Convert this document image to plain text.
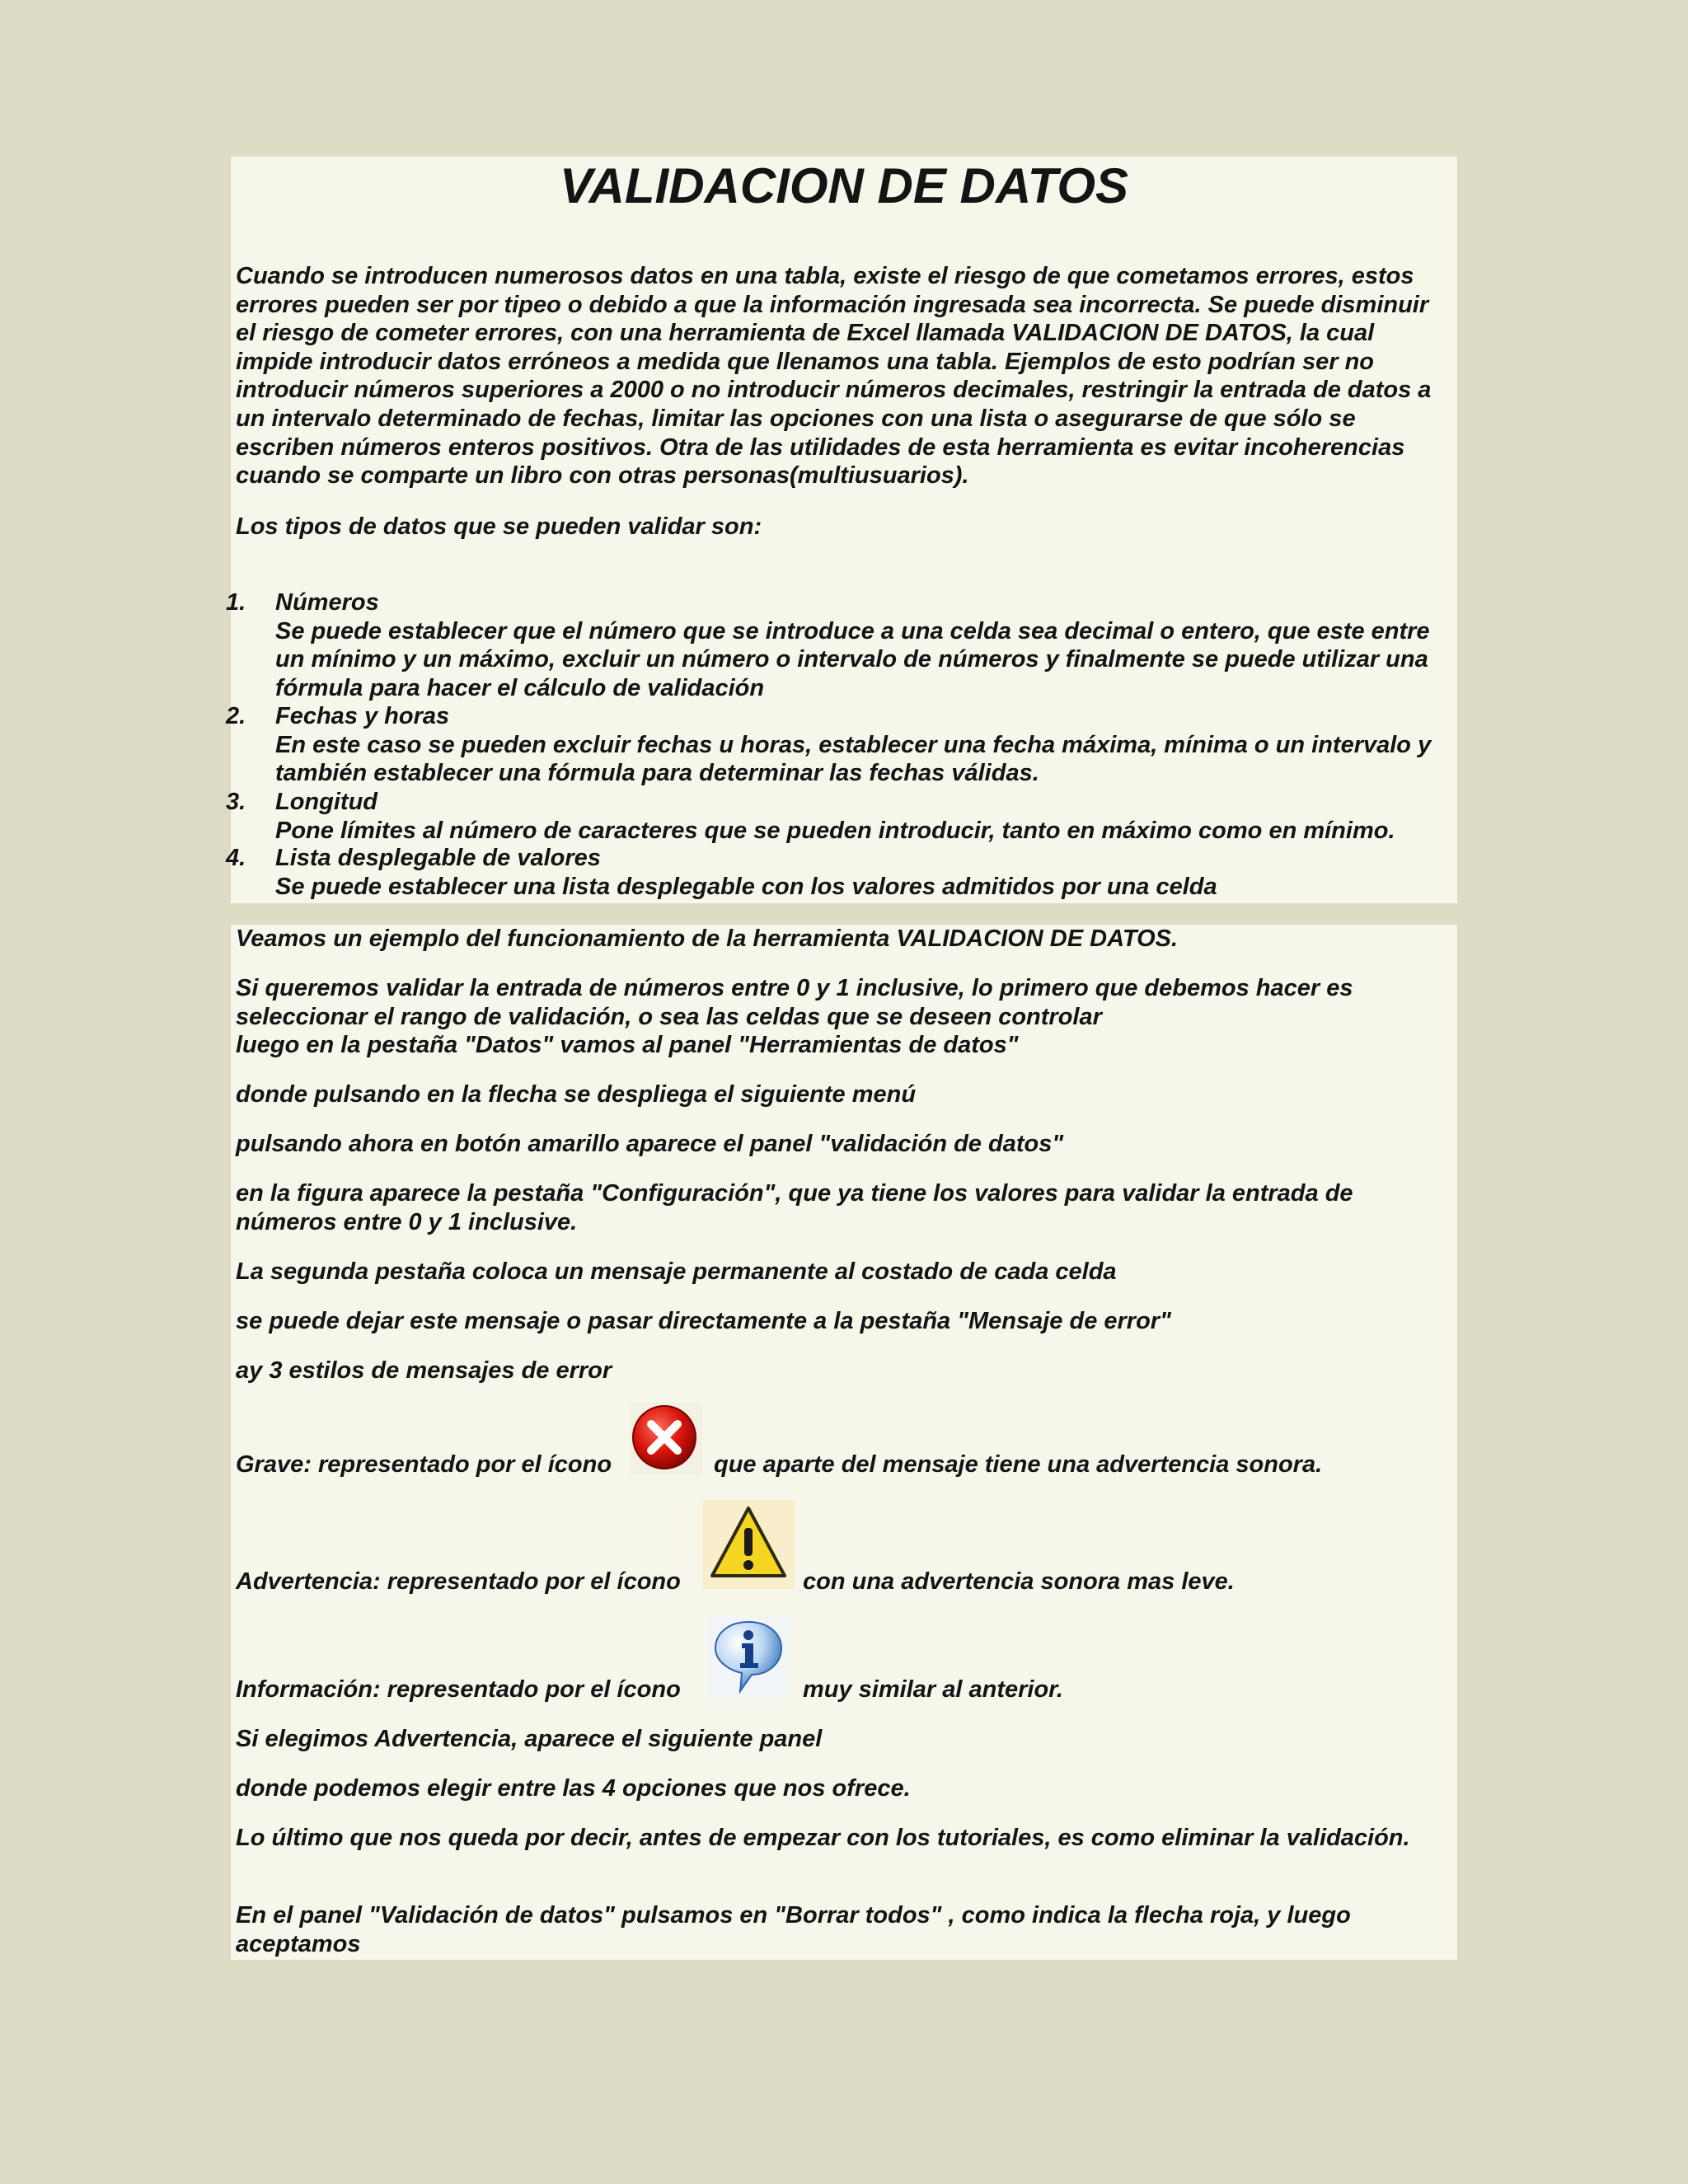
VALIDACION DE DATOS

Cuando se introducen numerosos datos en una tabla, existe el riesgo de que cometamos errores, estos errores pueden ser por tipeo o debido a que la información ingresada sea incorrecta. Se puede disminuir el riesgo de cometer errores, con una herramienta de Excel llamada VALIDACION DE DATOS, la cual impide introducir datos erróneos a medida que llenamos una tabla. Ejemplos de esto podrían ser no introducir números superiores a 2000 o no introducir números decimales, restringir la entrada de datos a un intervalo determinado de fechas, limitar las opciones con una lista o asegurarse de que sólo se escriben números enteros positivos. Otra de las utilidades de esta herramienta es evitar incoherencias cuando se comparte un libro con otras personas(multiusuarios).

Los tipos de datos que se pueden validar son:

1.	Números
Se puede establecer que el número que se introduce a una celda sea decimal o entero, que este entre un mínimo y un máximo, excluir un número o intervalo de números y finalmente se puede utilizar una fórmula para hacer el cálculo de validación
2.	Fechas y horas
En este caso se pueden excluir fechas u horas, establecer una fecha máxima, mínima o un intervalo y también establecer una fórmula para determinar las fechas válidas.
3.	Longitud
Pone límites al número de caracteres que se pueden introducir, tanto en máximo como en mínimo.
4.	Lista desplegable de valores
Se puede establecer una lista desplegable con los valores admitidos por una celda

Veamos un ejemplo del funcionamiento de la herramienta VALIDACION DE DATOS.

Si queremos validar la entrada de números entre 0 y 1 inclusive, lo primero que debemos hacer es seleccionar el rango de validación, o sea las celdas que se deseen controlar

luego en la pestaña "Datos" vamos al panel "Herramientas de datos"

donde pulsando en la flecha se despliega el siguiente menú

pulsando ahora en botón amarillo aparece el panel "validación de datos"

en la figura aparece la pestaña "Configuración", que ya tiene los valores para validar la entrada de números entre 0 y 1 inclusive.

La segunda pestaña coloca un mensaje permanente al costado de cada celda

se puede dejar este mensaje o pasar directamente a la pestaña "Mensaje de error"

ay 3 estilos de mensajes de error

Grave: representado por el ícono	que aparte del mensaje tiene una advertencia sonora.
Advertencia: representado por el ícono	con una advertencia sonora mas leve.
Información: representado por el ícono	muy similar al anterior.

Si elegimos Advertencia, aparece el siguiente panel

donde podemos elegir entre las 4 opciones que nos ofrece.

Lo último que nos queda por decir, antes de empezar con los tutoriales, es como eliminar la validación.

En el panel "Validación de datos" pulsamos en "Borrar todos" , como indica la flecha roja, y luego aceptamos
